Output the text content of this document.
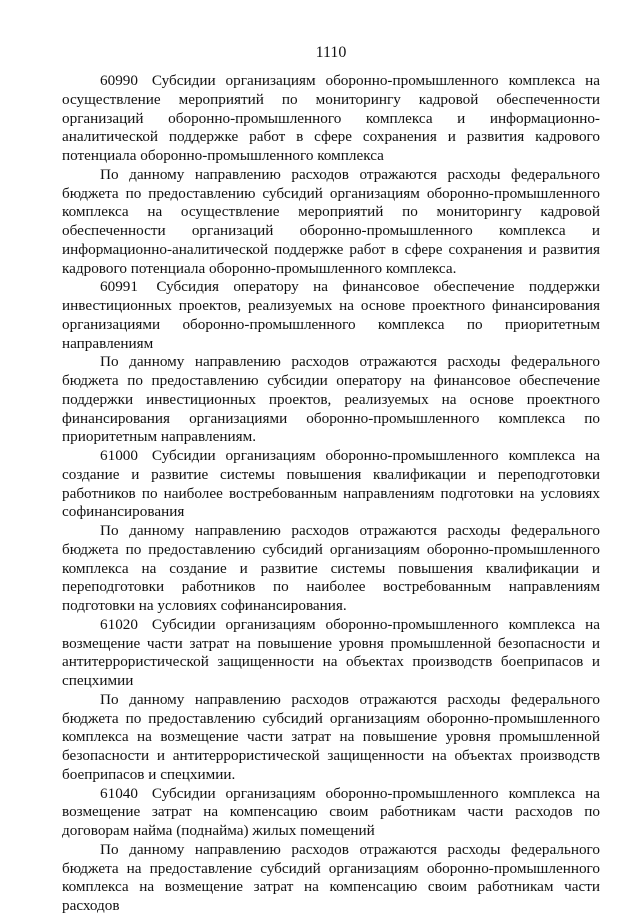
1110

60990 Субсидии организациям оборонно-промышленного комплекса на осуществление мероприятий по мониторингу кадровой обеспеченности организаций оборонно-промышленного комплекса и информационно-аналитической поддержке работ в сфере сохранения и развития кадрового потенциала оборонно-промышленного комплекса

По данному направлению расходов отражаются расходы федерального бюджета по предоставлению субсидий организациям оборонно-промышленного комплекса на осуществление мероприятий по мониторингу кадровой обеспеченности организаций оборонно-промышленного комплекса и информационно-аналитической поддержке работ в сфере сохранения и развития кадрового потенциала оборонно-промышленного комплекса.

60991 Субсидия оператору на финансовое обеспечение поддержки инвестиционных проектов, реализуемых на основе проектного финансирования организациями оборонно-промышленного комплекса по приоритетным направлениям

По данному направлению расходов отражаются расходы федерального бюджета по предоставлению субсидии оператору на финансовое обеспечение поддержки инвестиционных проектов, реализуемых на основе проектного финансирования организациями оборонно-промышленного комплекса по приоритетным направлениям.

61000 Субсидии организациям оборонно-промышленного комплекса на создание и развитие системы повышения квалификации и переподготовки работников по наиболее востребованным направлениям подготовки на условиях софинансирования

По данному направлению расходов отражаются расходы федерального бюджета по предоставлению субсидий организациям оборонно-промышленного комплекса на создание и развитие системы повышения квалификации и переподготовки работников по наиболее востребованным направлениям подготовки на условиях софинансирования.

61020 Субсидии организациям оборонно-промышленного комплекса на возмещение части затрат на повышение уровня промышленной безопасности и антитеррористической защищенности на объектах производств боеприпасов и спецхимии

По данному направлению расходов отражаются расходы федерального бюджета по предоставлению субсидий организациям оборонно-промышленного комплекса на возмещение части затрат на повышение уровня промышленной безопасности и антитеррористической защищенности на объектах производств боеприпасов и спецхимии.

61040 Субсидии организациям оборонно-промышленного комплекса на возмещение затрат на компенсацию своим работникам части расходов по договорам найма (поднайма) жилых помещений

По данному направлению расходов отражаются расходы федерального бюджета на предоставление субсидий организациям оборонно-промышленного комплекса на возмещение затрат на компенсацию своим работникам части расходов
